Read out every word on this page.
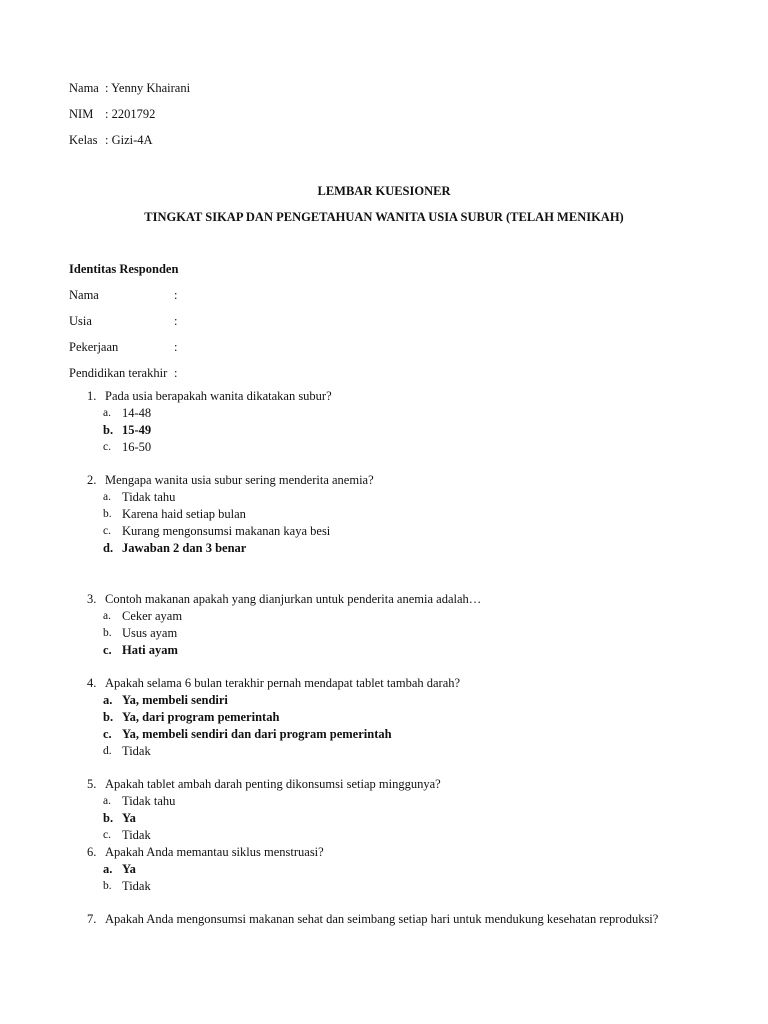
Nama : Yenny Khairani
NIM : 2201792
Kelas : Gizi-4A
LEMBAR KUESIONER
TINGKAT SIKAP DAN PENGETAHUAN WANITA USIA SUBUR (TELAH MENIKAH)
Identitas Responden
Nama	:
Usia	:
Pekerjaan	:
Pendidikan terakhir :
1. Pada usia berapakah wanita dikatakan subur?
a. 14-48
b. 15-49
c. 16-50
2. Mengapa wanita usia subur sering menderita anemia?
a. Tidak tahu
b. Karena haid setiap bulan
c. Kurang mengonsumsi makanan kaya besi
d. Jawaban 2 dan 3 benar
3. Contoh makanan apakah yang dianjurkan untuk penderita anemia adalah…
a. Ceker ayam
b. Usus ayam
c. Hati ayam
4. Apakah selama 6 bulan terakhir pernah mendapat tablet tambah darah?
a. Ya, membeli sendiri
b. Ya, dari program pemerintah
c. Ya, membeli sendiri dan dari program pemerintah
d. Tidak
5. Apakah tablet ambah darah penting dikonsumsi setiap minggunya?
a. Tidak tahu
b. Ya
c. Tidak
6. Apakah Anda memantau siklus menstruasi?
a. Ya
b. Tidak
7. Apakah Anda mengonsumsi makanan sehat dan seimbang setiap hari untuk mendukung kesehatan reproduksi?
